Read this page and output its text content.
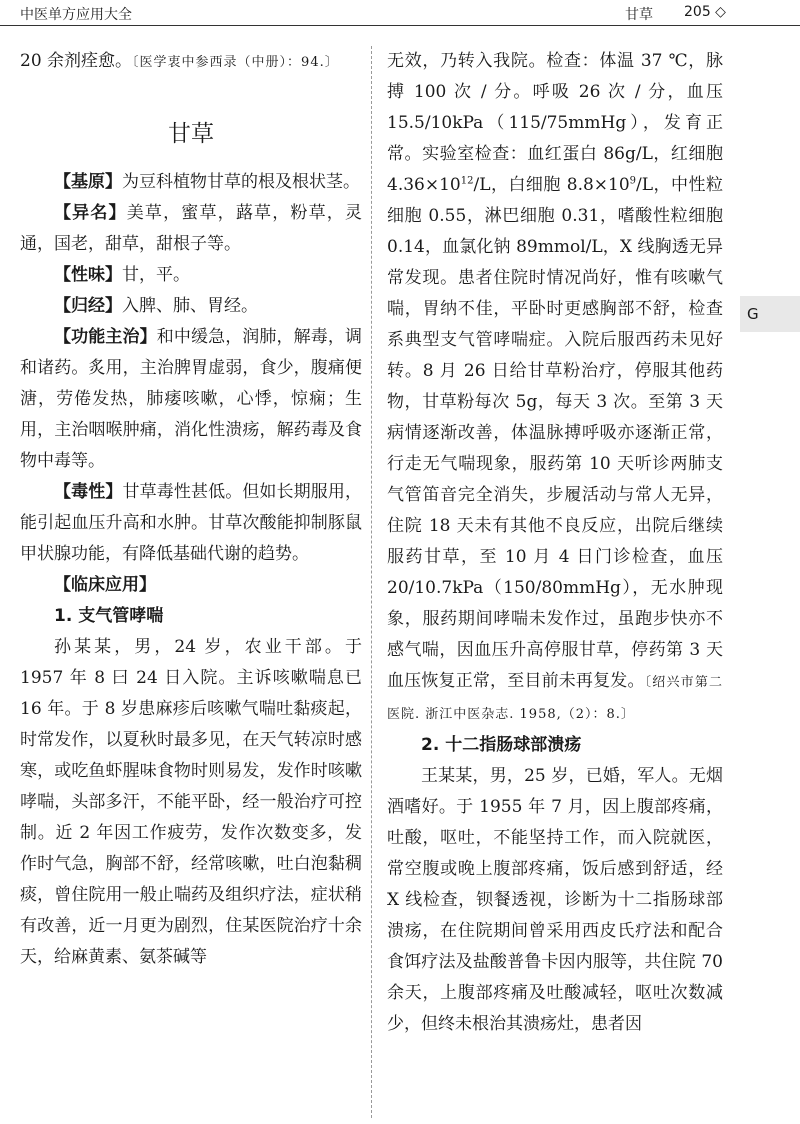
中医单方应用大全	甘草 205 ◇
G

20 余剂痊愈。〔医学衷中参西录（中册）：94.〕

甘草

【基原】为豆科植物甘草的根及根状茎。

【异名】美草，蜜草，蕗草，粉草，灵通，国老，甜草，甜根子等。

【性味】甘，平。

【归经】入脾、肺、胃经。

【功能主治】和中缓急，润肺，解毒，调和诸药。炙用，主治脾胃虚弱，食少，腹痛便溏，劳倦发热，肺痿咳嗽，心悸，惊痫；生用，主治咽喉肿痛，消化性溃疡，解药毒及食物中毒等。

【毒性】甘草毒性甚低。但如长期服用，能引起血压升高和水肿。甘草次酸能抑制豚鼠甲状腺功能，有降低基础代谢的趋势。

【临床应用】

1. 支气管哮喘

孙某某，男，24 岁，农业干部。于 1957 年 8 曰 24 日入院。主诉咳嗽喘息已 16 年。于 8 岁患麻疹后咳嗽气喘吐黏痰起，时常发作，以夏秋时最多见，在天气转凉时感寒，或吃鱼虾腥味食物时则易发，发作时咳嗽哮喘，头部多汗，不能平卧，经一般治疗可控制。近 2 年因工作疲劳，发作次数变多，发作时气急，胸部不舒，经常咳嗽，吐白泡黏稠痰，曾住院用一般止喘药及组织疗法，症状稍有改善，近一月更为剧烈，住某医院治疗十余天，给麻黄素、氨茶碱等

无效，乃转入我院。检查：体温 37 ℃，脉搏 100 次 / 分。呼吸 26 次 / 分，血压 15.5/10kPa（115/75mmHg），发育正常。实验室检查：血红蛋白 86g/L，红细胞 $4.36\times 10^{12}/L$，白细胞 $8.8\times 10^9/L$，中性粒细胞 0.55，淋巴细胞 0.31，嗜酸性粒细胞 0.14，血氯化钠 89mmol/L，X 线胸透无异常发现。患者住院时情况尚好，惟有咳嗽气喘，胃纳不佳，平卧时更感胸部不舒，检查系典型支气管哮喘症。入院后服西药未见好转。8 月 26 日给甘草粉治疗，停服其他药物，甘草粉每次 5g，每天 3 次。至第 3 天病情逐渐改善，体温脉搏呼吸亦逐渐正常，行走无气喘现象，服药第 10 天听诊两肺支气管笛音完全消失，步履活动与常人无异，住院 18 天未有其他不良反应，出院后继续服药甘草，至 10 月 4 日门诊检查，血压 20/10.7kPa（150/80mmHg），无水肿现象，服药期间哮喘未发作过，虽跑步快亦不感气喘，因血压升高停服甘草，停药第 3 天血压恢复正常，至目前未再复发。〔绍兴市第二医院. 浙江中医杂志. 1958,（2）：8.〕

2. 十二指肠球部溃疡

王某某，男，25 岁，已婚，军人。无烟酒嗜好。于 1955 年 7 月，因上腹部疼痛，吐酸，呕吐，不能坚持工作，而入院就医，常空腹或晚上腹部疼痛，饭后感到舒适，经 X 线检查，钡餐透视，诊断为十二指肠球部溃疡，在住院期间曾采用西皮氏疗法和配合食饵疗法及盐酸普鲁卡因内服等，共住院 70 余天，上腹部疼痛及吐酸减轻，呕吐次数减少，但终未根治其溃疡灶，患者因
